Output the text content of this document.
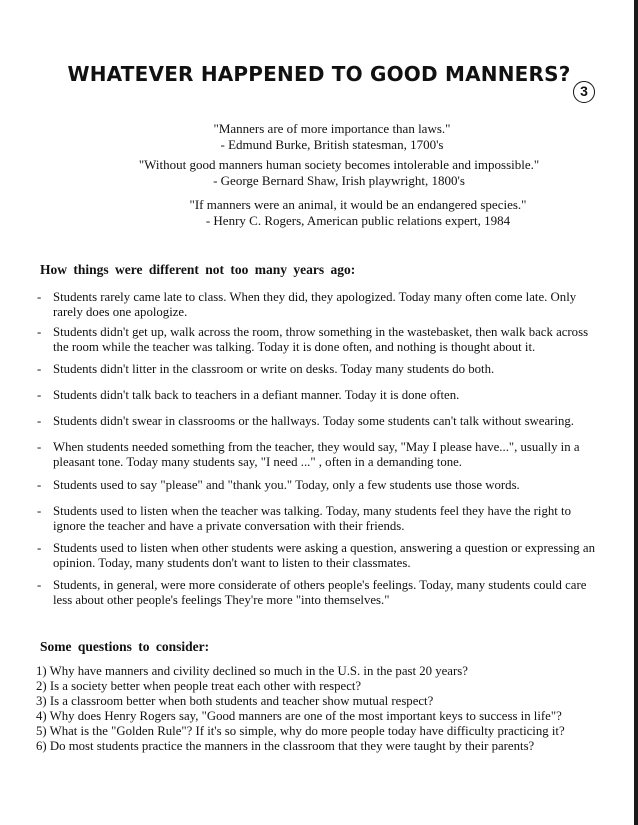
WHATEVER HAPPENED TO GOOD MANNERS?
3
"Manners are of more importance than laws."
- Edmund Burke, British statesman, 1700's
"Without good manners human society becomes intolerable and impossible."
- George Bernard Shaw, Irish playwright, 1800's
"If manners were an animal, it would be an endangered species."
- Henry C. Rogers, American public relations expert, 1984
How things were different not too many years ago:
- Students rarely came late to class. When they did, they apologized. Today many often come late. Only rarely does one apologize.
- Students didn't get up, walk across the room, throw something in the wastebasket, then walk back across the room while the teacher was talking. Today it is done often, and nothing is thought about it.
- Students didn't litter in the classroom or write on desks. Today many students do both.
- Students didn't talk back to teachers in a defiant manner. Today it is done often.
- Students didn't swear in classrooms or the hallways. Today some students can't talk without swearing.
- When students needed something from the teacher, they would say, "May I please have...", usually in a pleasant tone. Today many students say, "I need ..." , often in a demanding tone.
- Students used to say "please" and "thank you." Today, only a few students use those words.
- Students used to listen when the teacher was talking. Today, many students feel they have the right to ignore the teacher and have a private conversation with their friends.
- Students used to listen when other students were asking a question, answering a question or expressing an opinion. Today, many students don't want to listen to their classmates.
- Students, in general, were more considerate of others people's feelings. Today, many students could care less about other people's feelings They're more "into themselves."
Some questions to consider:
1) Why have manners and civility declined so much in the U.S. in the past 20 years?
2) Is a society better when people treat each other with respect?
3) Is a classroom better when both students and teacher show mutual respect?
4) Why does Henry Rogers say, "Good manners are one of the most important keys to success in life"?
5) What is the "Golden Rule"? If it's so simple, why do more people today have difficulty practicing it?
6) Do most students practice the manners in the classroom that they were taught by their parents?
